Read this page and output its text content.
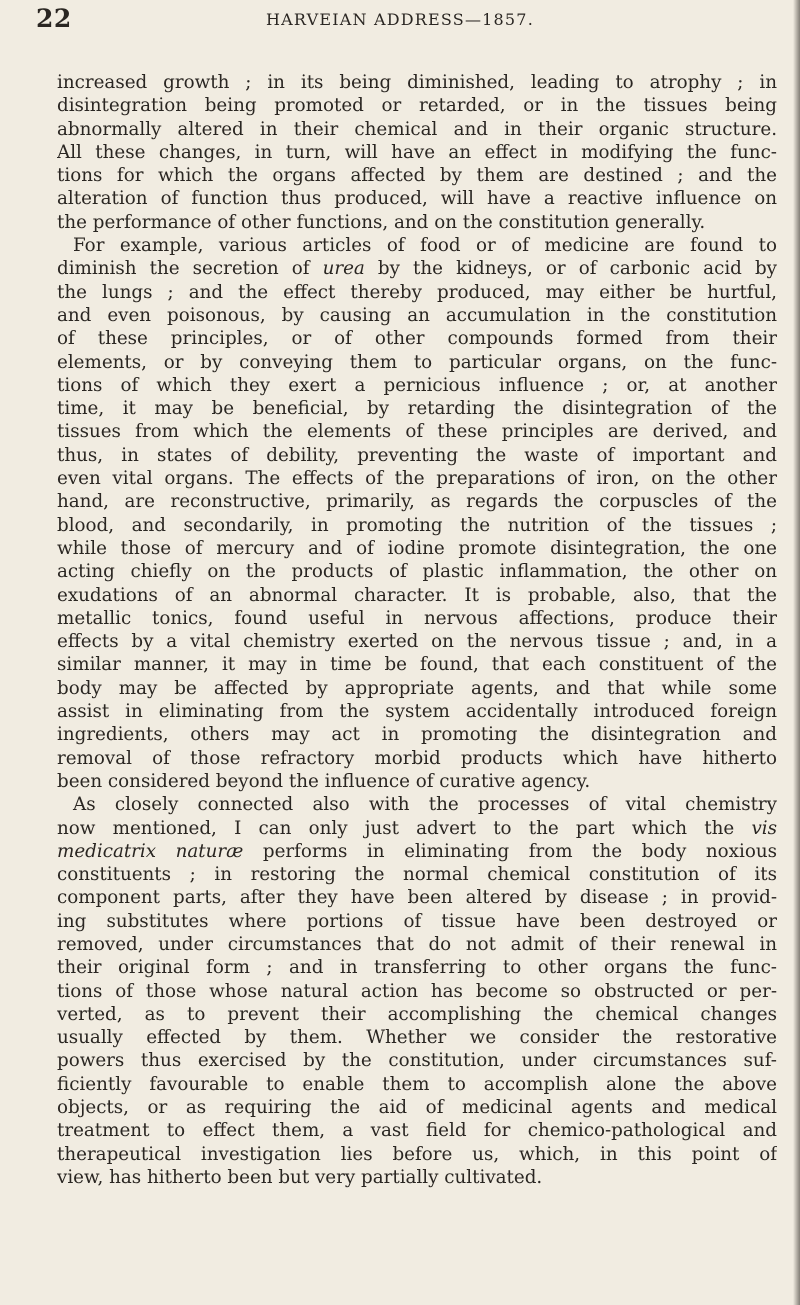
22	HARVEIAN ADDRESS—1857.
increased growth ; in its being diminished, leading to atrophy ; in
disintegration being promoted or retarded, or in the tissues being
abnormally altered in their chemical and in their organic structure.
All these changes, in turn, will have an effect in modifying the func-
tions for which the organs affected by them are destined ; and the
alteration of function thus produced, will have a reactive influence on
the performance of other functions, and on the constitution generally.
For example, various articles of food or of medicine are found to
diminish the secretion of urea by the kidneys, or of carbonic acid by
the lungs ; and the effect thereby produced, may either be hurtful,
and even poisonous, by causing an accumulation in the constitution
of these principles, or of other compounds formed from their
elements, or by conveying them to particular organs, on the func-
tions of which they exert a pernicious influence ; or, at another
time, it may be beneficial, by retarding the disintegration of the
tissues from which the elements of these principles are derived, and
thus, in states of debility, preventing the waste of important and
even vital organs. The effects of the preparations of iron, on the other
hand, are reconstructive, primarily, as regards the corpuscles of the
blood, and secondarily, in promoting the nutrition of the tissues ;
while those of mercury and of iodine promote disintegration, the one
acting chiefly on the products of plastic inflammation, the other on
exudations of an abnormal character. It is probable, also, that the
metallic tonics, found useful in nervous affections, produce their
effects by a vital chemistry exerted on the nervous tissue ; and, in a
similar manner, it may in time be found, that each constituent of the
body may be affected by appropriate agents, and that while some
assist in eliminating from the system accidentally introduced foreign
ingredients, others may act in promoting the disintegration and
removal of those refractory morbid products which have hitherto
been considered beyond the influence of curative agency.
As closely connected also with the processes of vital chemistry
now mentioned, I can only just advert to the part which the vis
medicatrix naturæ performs in eliminating from the body noxious
constituents ; in restoring the normal chemical constitution of its
component parts, after they have been altered by disease ; in provid-
ing substitutes where portions of tissue have been destroyed or
removed, under circumstances that do not admit of their renewal in
their original form ; and in transferring to other organs the func-
tions of those whose natural action has become so obstructed or per-
verted, as to prevent their accomplishing the chemical changes
usually effected by them. Whether we consider the restorative
powers thus exercised by the constitution, under circumstances suf-
ficiently favourable to enable them to accomplish alone the above
objects, or as requiring the aid of medicinal agents and medical
treatment to effect them, a vast field for chemico-pathological and
therapeutical investigation lies before us, which, in this point of
view, has hitherto been but very partially cultivated.
